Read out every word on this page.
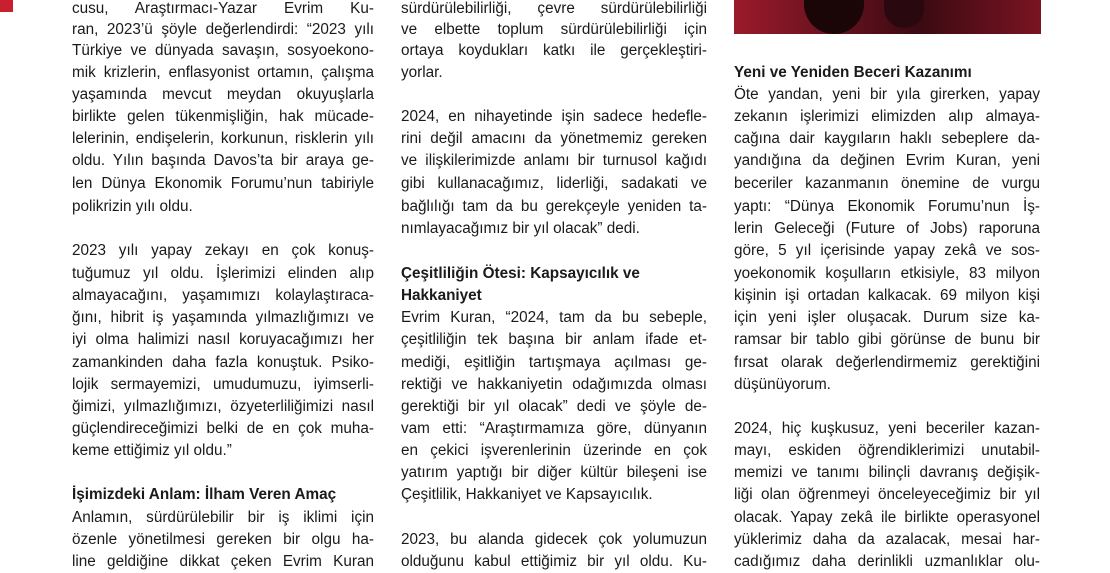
cusu, Araştırmacı-Yazar Evrim Ku-
ran, 2023’ü şöyle değerlendirdi: “2023 yılı
Türkiye ve dünyada savaşın, sosyoekono-
mik krizlerin, enflasyonist ortamın, çalışma
yaşamında mevcut meydan okuyuşlarla
birlikte gelen tükenmişliğin, hak mücade-
lelerinin, endişelerin, korkunun, risklerin yılı
oldu. Yılın başında Davos’ta bir araya ge-
len Dünya Ekonomik Forumu’nun tabiriyle
polikrizin yılı oldu.
2023 yılı yapay zekayı en çok konuş-
tuğumuz yıl oldu. İşlerimizi elinden alıp
almayacağını, yaşamımızı kolaylaştıraca-
ğını, hibrit iş yaşamında yılmazlığımızı ve
iyi olma halimizi nasıl koruyacağımızı her
zamankinden daha fazla konuştuk. Psiko-
lojik sermayemizi, umudumuzu, iyimserli-
ğimizi, yılmazlığımızı, özyeterliliğimizi nasıl
güçlendireceğimizi belki de en çok muha-
keme ettiğimiz yıl oldu.”
İşimizdeki Anlam: İlham Veren Amaç
Anlamın, sürdürülebilir bir iş iklimi için
özenle yönetilmesi gereken bir olgu ha-
line geldiğine dikkat çeken Evrim Kuran
sürdürülebilirliği, çevre sürdürülebilirliği
ve elbette toplum sürdürülebilirliği için
ortaya koydukları katkı ile gerçekleştiri-
yorlar.
2024, en nihayetinde işin sadece hedefle-
rini değil amacını da yönetmemiz gereken
ve ilişkilerimizde anlamı bir turnusol kağıdı
gibi kullanacağımız, liderliği, sadakati ve
bağlılığı tam da bu gerekçeyle yeniden ta-
nımlayacağımız bir yıl olacak” dedi.
Çeşitliliğin Ötesi: Kapsayıcılık ve
Hakkaniyet
Evrim Kuran, “2024, tam da bu sebeple,
çeşitliliğin tek başına bir anlam ifade et-
mediği, eşitliğin tartışmaya açılması ge-
rektiği ve hakkaniyetin odağımızda olması
gerektiği bir yıl olacak” dedi ve şöyle de-
vam etti: “Araştırmamıza göre, dünyanın
en çekici işverenlerinin üzerinde en çok
yatırım yaptığı bir diğer kültür bileşeni ise
Çeşitlilik, Hakkaniyet ve Kapsayıcılık.
2023, bu alanda gidecek çok yolumuzun
olduğunu kabul ettiğimiz bir yıl oldu. Ku-
Yeni ve Yeniden Beceri Kazanımı
Öte yandan, yeni bir yıla girerken, yapay
zekanın işlerimizi elimizden alıp almaya-
cağına dair kaygıların haklı sebeplere da-
yandığına da değinen Evrim Kuran, yeni
beceriler kazanmanın önemine de vurgu
yaptı: “Dünya Ekonomik Forumu’nun İş-
lerin Geleceği (Future of Jobs) raporuna
göre, 5 yıl içerisinde yapay zekâ ve sos-
yoekonomik koşulların etkisiyle, 83 milyon
kişinin işi ortadan kalkacak. 69 milyon kişi
için yeni işler oluşacak. Durum size ka-
ramsar bir tablo gibi görünse de bunu bir
fırsat olarak değerlendirmemiz gerektiğini
düşünüyorum.
2024, hiç kuşkusuz, yeni beceriler kazan-
mayı, eskiden öğrendiklerimizi unutabil-
memizi ve tanımı bilinçli davranış değişik-
liği olan öğrenmeyi önceleyeceğimiz bir yıl
olacak. Yapay zekâ ile birlikte operasyonel
yüklerimiz daha da azalacak, mesai har-
cadığımız daha derinlikli uzmanlıklar olu-
